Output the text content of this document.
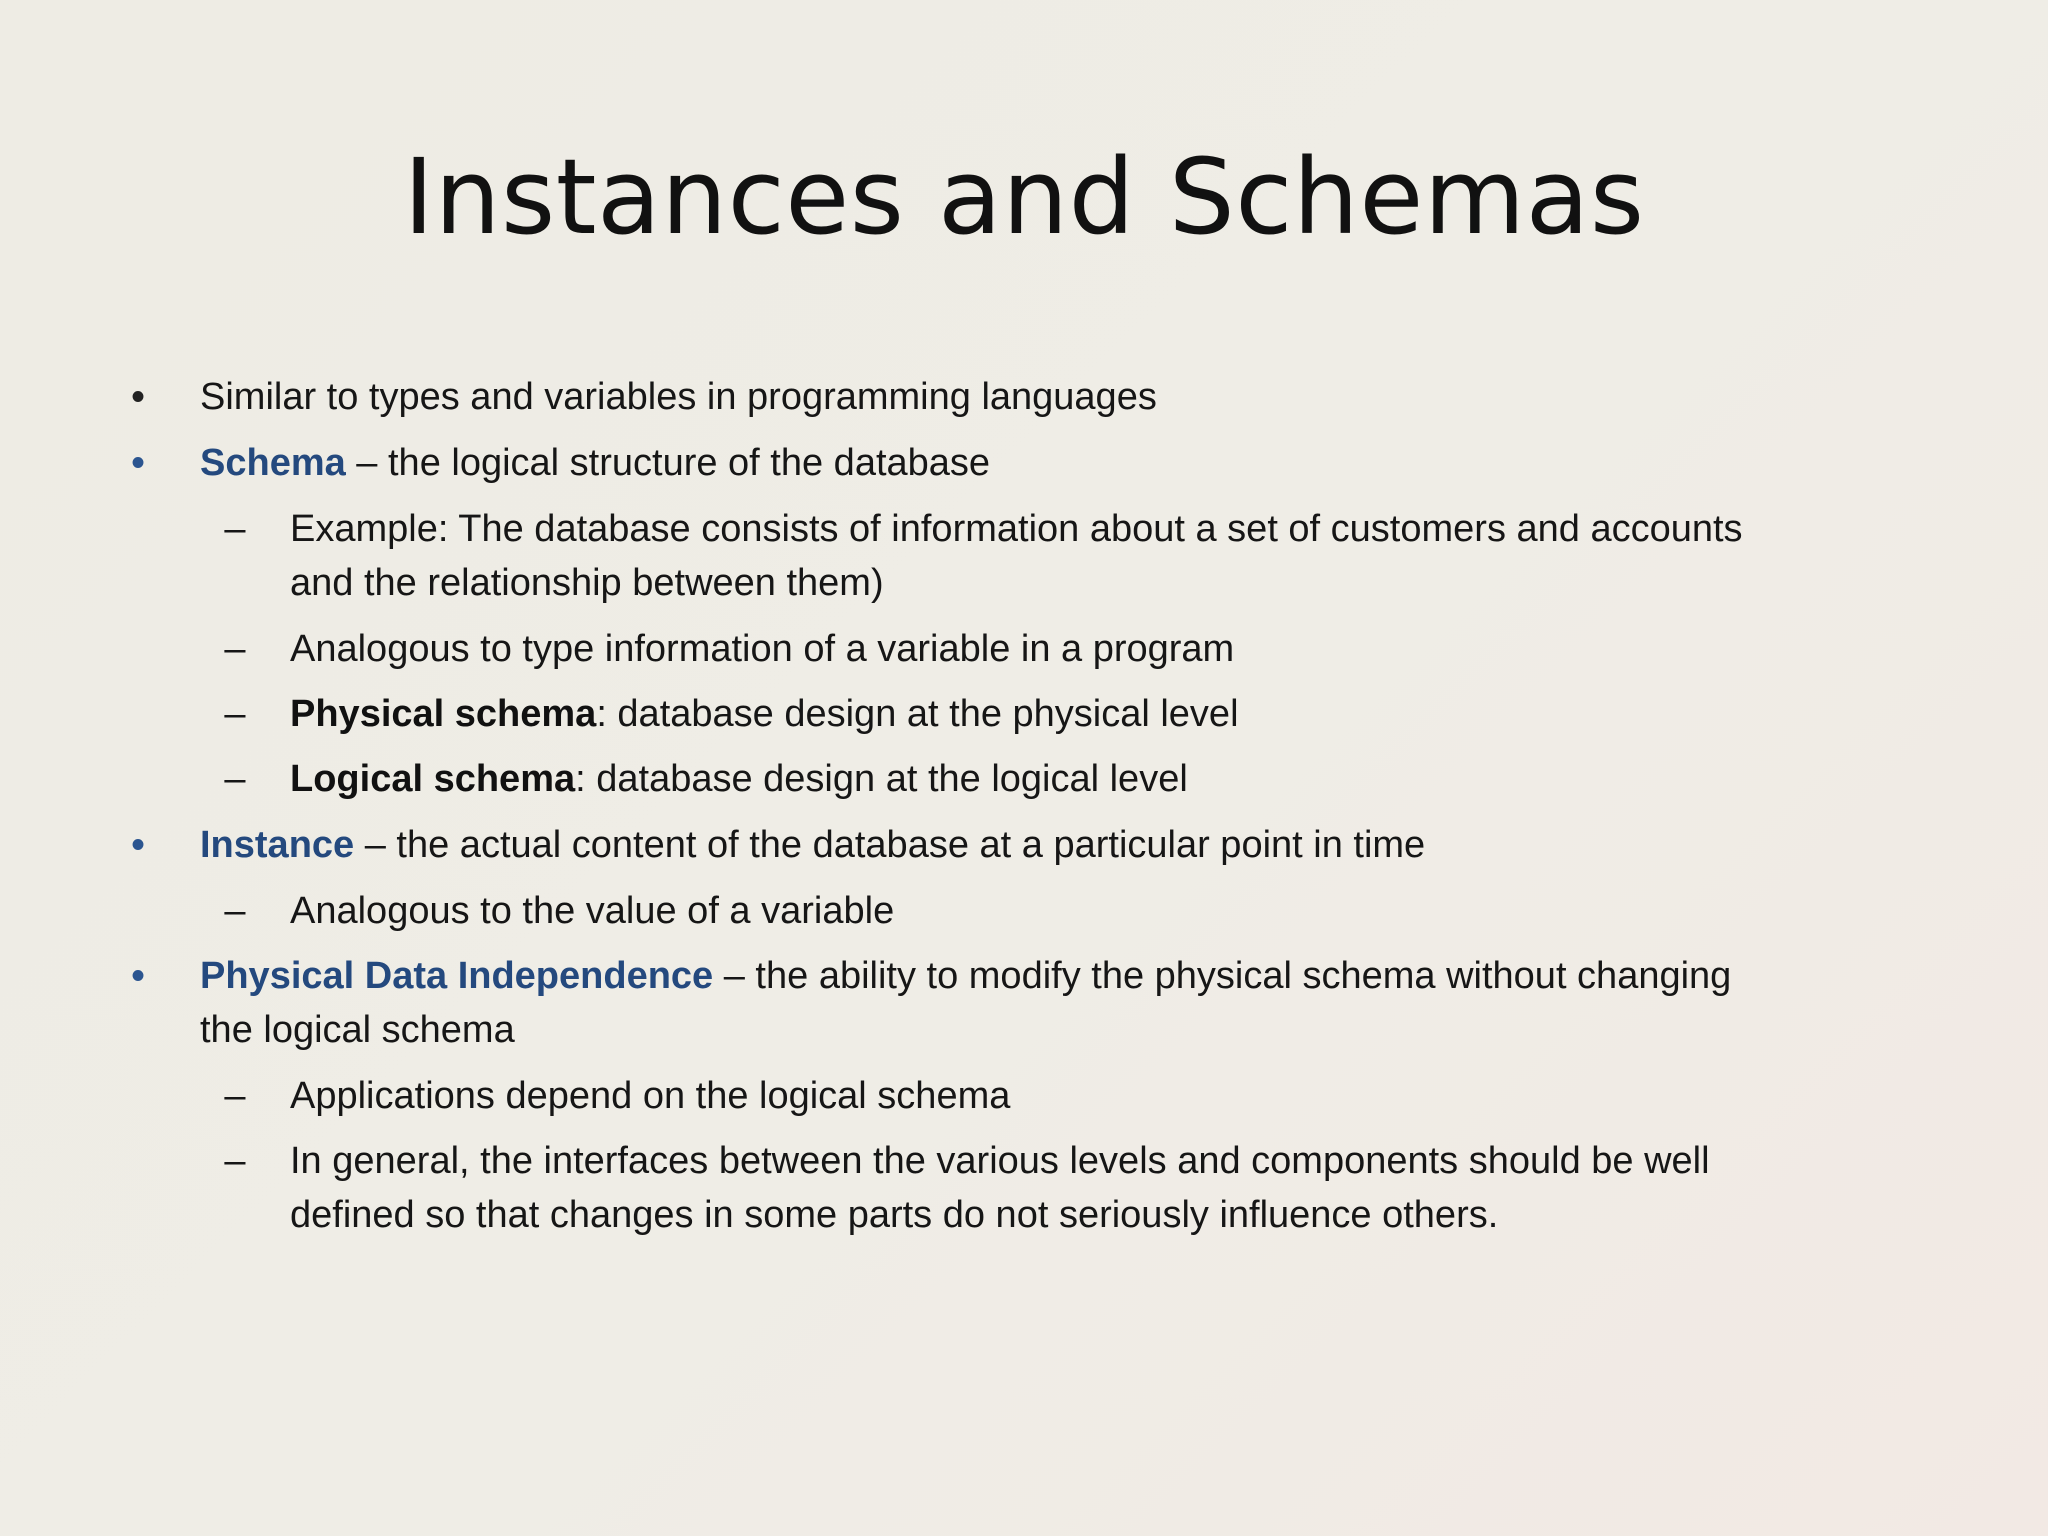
Instances and Schemas
• Similar to types and variables in programming languages
• Schema – the logical structure of the database
– Example: The database consists of information about a set of customers and accounts
and the relationship between them)
– Analogous to type information of a variable in a program
– Physical schema: database design at the physical level
– Logical schema: database design at the logical level
• Instance – the actual content of the database at a particular point in time
– Analogous to the value of a variable
• Physical Data Independence – the ability to modify the physical schema without changing
the logical schema
– Applications depend on the logical schema
– In general, the interfaces between the various levels and components should be well
defined so that changes in some parts do not seriously influence others.
